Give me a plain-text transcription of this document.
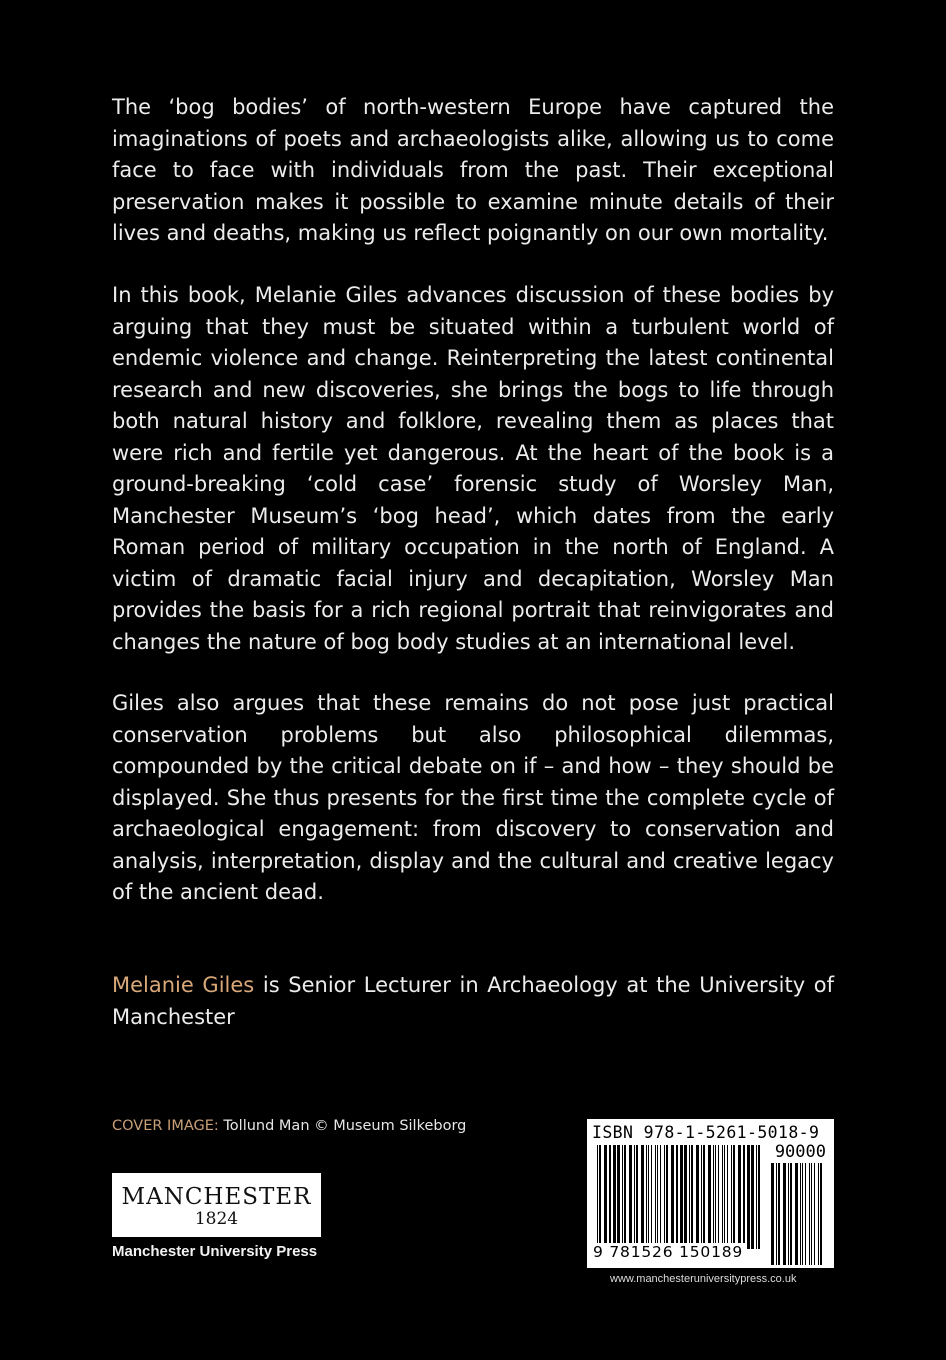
The ‘bog bodies’ of north-western Europe have captured the imaginations of poets and archaeologists alike, allowing us to come face to face with individuals from the past. Their exceptional preservation makes it possible to examine minute details of their lives and deaths, making us reflect poignantly on our own mortality.

In this book, Melanie Giles advances discussion of these bodies by arguing that they must be situated within a turbulent world of endemic violence and change. Reinterpreting the latest continental research and new discoveries, she brings the bogs to life through both natural history and folklore, revealing them as places that were rich and fertile yet dangerous. At the heart of the book is a ground-breaking ‘cold case’ forensic study of Worsley Man, Manchester Museum’s ‘bog head’, which dates from the early Roman period of military occupation in the north of England. A victim of dramatic facial injury and decapitation, Worsley Man provides the basis for a rich regional portrait that reinvigorates and changes the nature of bog body studies at an international level.

Giles also argues that these remains do not pose just practical conservation problems but also philosophical dilemmas, compounded by the critical debate on if – and how – they should be displayed. She thus presents for the first time the complete cycle of archaeological engagement: from discovery to conservation and analysis, interpretation, display and the cultural and creative legacy of the ancient dead.

Melanie Giles is Senior Lecturer in Archaeology at the University of Manchester

COVER IMAGE: Tollund Man © Museum Silkeborg
MANCHESTER
1824
Manchester University Press
ISBN 978-1-5261-5018-9
90000
9 781526 150189
www.manchesteruniversitypress.co.uk
